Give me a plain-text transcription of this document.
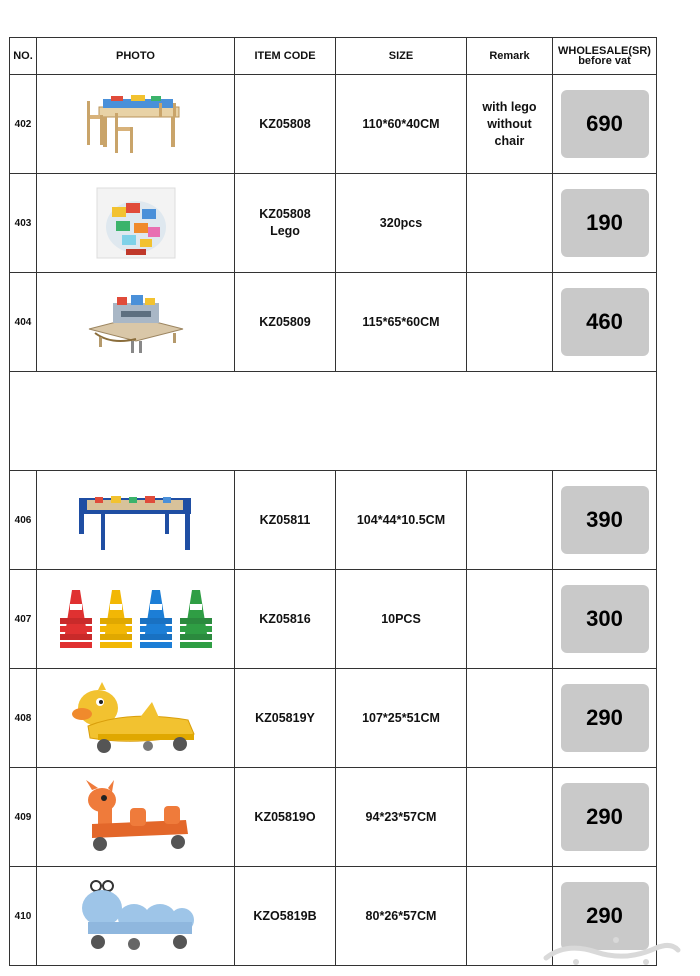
NO.	PHOTO	ITEM CODE	SIZE	Remark	WHOLESALE(SR)
before vat

402		KZ05808	110*60*40CM	with lego
without
chair	690
403		KZ05808
Lego	320pcs		190
404		KZ05809	115*65*60CM		460

406		KZ05811	104*44*10.5CM		390
407		KZ05816	10PCS		300
408		KZ05819Y	107*25*51CM		290
409		KZ05819O	94*23*57CM		290
410		KZO5819B	80*26*57CM		290
